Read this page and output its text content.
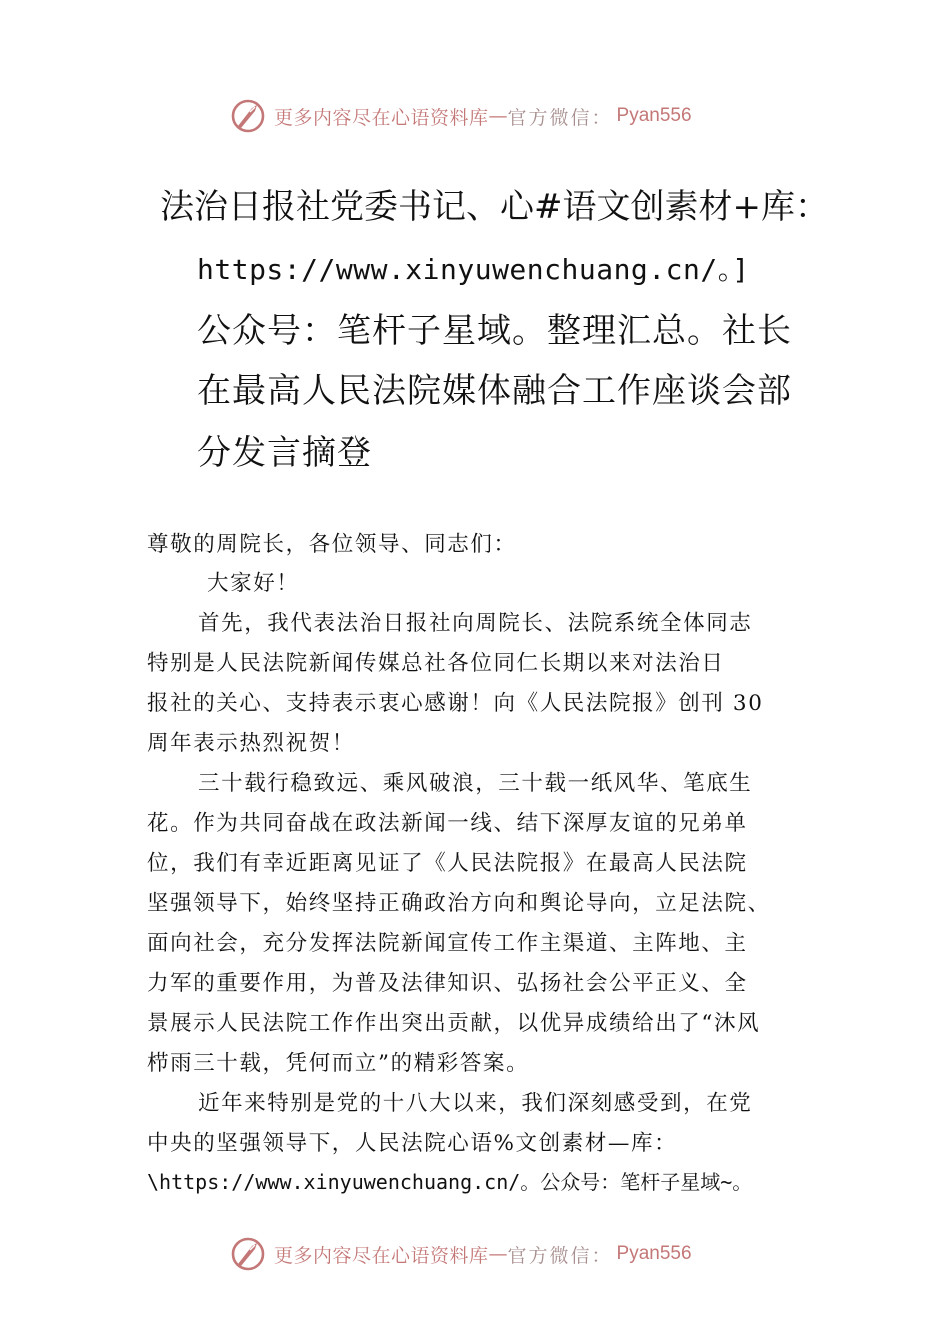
更多内容尽在心语资料库 — 官方微信： Pyan556
法治日报社党委书记、心#语文创素材+库：
https://www.xinyuwenchuang.cn/。]
公众号：笔杆子星域。整理汇总。社长
在最高人民法院媒体融合工作座谈会部
分发言摘登
尊敬的周院长，各位领导、同志们：
大家好！
首先，我代表法治日报社向周院长、法院系统全体同志
特别是人民法院新闻传媒总社各位同仁长期以来对法治日
报社的关心、支持表示衷心感谢！向《人民法院报》创刊 30
周年表示热烈祝贺！
三十载行稳致远、乘风破浪，三十载一纸风华、笔底生
花。作为共同奋战在政法新闻一线、结下深厚友谊的兄弟单
位，我们有幸近距离见证了《人民法院报》在最高人民法院
坚强领导下，始终坚持正确政治方向和舆论导向，立足法院、
面向社会，充分发挥法院新闻宣传工作主渠道、主阵地、主
力军的重要作用，为普及法律知识、弘扬社会公平正义、全
景展示人民法院工作作出突出贡献，以优异成绩给出了“沐风
栉雨三十载，凭何而立”的精彩答案。
近年来特别是党的十八大以来，我们深刻感受到，在党
中央的坚强领导下，人民法院心语%文创素材—库：
\https://www.xinyuwenchuang.cn/。公众号：笔杆子星域~。
更多内容尽在心语资料库 — 官方微信： Pyan556
